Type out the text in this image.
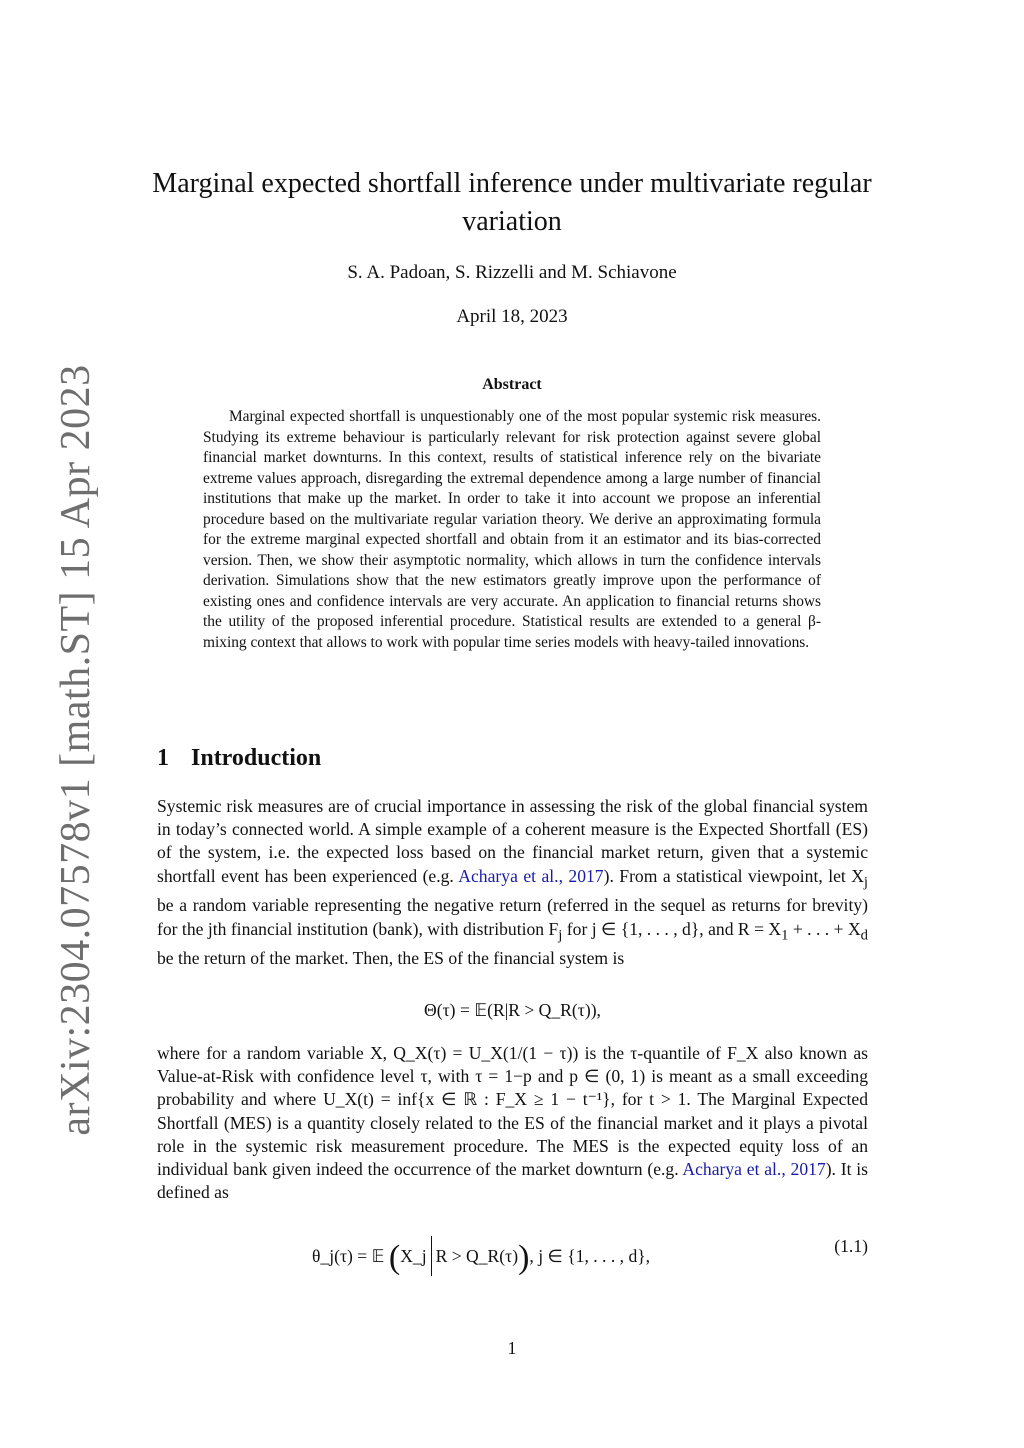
arXiv:2304.07578v1 [math.ST] 15 Apr 2023
Marginal expected shortfall inference under multivariate regular variation

S. A. Padoan, S. Rizzelli and M. Schiavone

April 18, 2023

Abstract

Marginal expected shortfall is unquestionably one of the most popular systemic risk measures. Studying its extreme behaviour is particularly relevant for risk protection against severe global financial market downturns. In this context, results of statistical inference rely on the bivariate extreme values approach, disregarding the extremal dependence among a large number of financial institutions that make up the market. In order to take it into account we propose an inferential procedure based on the multivariate regular variation theory. We derive an approximating formula for the extreme marginal expected shortfall and obtain from it an estimator and its bias-corrected version. Then, we show their asymptotic normality, which allows in turn the confidence intervals derivation. Simulations show that the new estimators greatly improve upon the performance of existing ones and confidence intervals are very accurate. An application to financial returns shows the utility of the proposed inferential procedure. Statistical results are extended to a general β-mixing context that allows to work with popular time series models with heavy-tailed innovations.

1 Introduction

Systemic risk measures are of crucial importance in assessing the risk of the global financial system in today’s connected world. A simple example of a coherent measure is the Expected Shortfall (ES) of the system, i.e. the expected loss based on the financial market return, given that a systemic shortfall event has been experienced (e.g. Acharya et al., 2017). From a statistical viewpoint, let $X_j$ be a random variable representing the negative return (referred in the sequel as returns for brevity) for the jth financial institution (bank), with distribution $F_j$ for j ∈ {1, . . . , d}, and $R = X_1$ + . . . + $X_d$ be the return of the market. Then, the ES of the financial system is

Θ(τ) = 𝔼(R|R > Q_R(τ)),

where for a random variable X, Q_X(τ) = U_X(1/(1 − τ)) is the τ-quantile of F_X also known as Value-at-Risk with confidence level τ, with τ = 1−p and p ∈ (0, 1) is meant as a small exceeding probability and where U_X(t) = inf{x ∈ ℝ : F_X ≥ 1 − t⁻¹}, for t > 1. The Marginal Expected Shortfall (MES) is a quantity closely related to the ES of the financial market and it plays a pivotal role in the systemic risk measurement procedure. The MES is the expected equity loss of an individual bank given indeed the occurrence of the market downturn (e.g. Acharya et al., 2017). It is defined as

θ_j(τ) = 𝔼 (X_j R > Q_R(τ)), j ∈ {1, . . . , d},	(1.1)

1
